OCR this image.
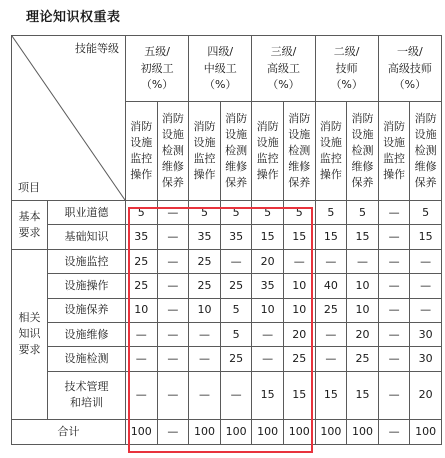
理论知识权重表
技能等级
项目		五级/
初级工
（%）		四级/
中级工
（%）		三级/
高级工
（%）		二级/
技师
（%）		一级/
高级技师
（%）	

		消防
设施
监控
操作	消防
设施
检测
维修
保养	消防
设施
监控
操作	消防
设施
检测
维修
保养	消防
设施
监控
操作	消防
设施
检测
维修
保养	消防
设施
监控
操作	消防
设施
检测
维修
保养	消防
设施
监控
操作	消防
设施
检测
维修
保养
基本
要求	职业道德	5	—	5	5	5	5	5	5	—	5
	基础知识	35	—	35	35	15	15	15	15	—	15
相关
知识
要求	设施监控	25	—	25	—	20	—	—	—	—	—
	设施操作	25	—	25	25	35	10	40	10	—	—
	设施保养	10	—	10	5	10	10	25	10	—	—
	设施维修	—	—	—	5	—	20	—	20	—	30
	设施检测	—	—	—	25	—	25	—	25	—	30
	技术管理
和培训	—	—	—	—	15	15	15	15	—	20
合计		100	—	100	100	100	100	100	100	—	100
